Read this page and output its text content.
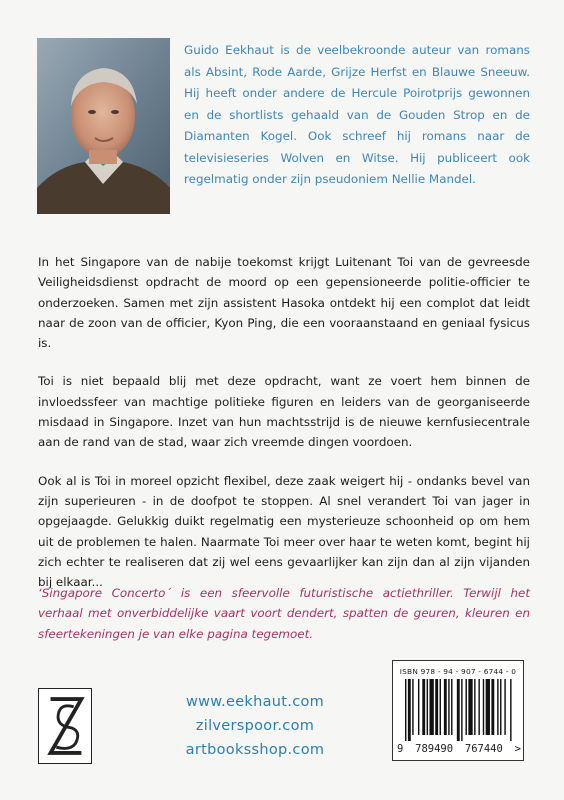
Guido Eekhaut is de veelbekroonde auteur van romans als Absint, Rode Aarde, Grijze Herfst en Blauwe Sneeuw. Hij heeft onder andere de Hercule Poirotprijs gewonnen en de shortlists gehaald van de Gouden Strop en de Diamanten Kogel. Ook schreef hij romans naar de televisieseries Wolven en Witse. Hij publiceert ook regelmatig onder zijn pseudoniem Nellie Mandel.

In het Singapore van de nabije toekomst krijgt Luitenant Toi van de gevreesde Veiligheidsdienst opdracht de moord op een gepensioneerde politie-officier te onderzoeken. Samen met zijn assistent Hasoka ontdekt hij een complot dat leidt naar de zoon van de officier, Kyon Ping, die een vooraanstaand en geniaal fysicus is.

Toi is niet bepaald blij met deze opdracht, want ze voert hem binnen de invloedssfeer van machtige politieke figuren en leiders van de georganiseerde misdaad in Singapore. Inzet van hun machtsstrijd is de nieuwe kernfusiecentrale aan de rand van de stad, waar zich vreemde dingen voordoen.

Ook al is Toi in moreel opzicht flexibel, deze zaak weigert hij - ondanks bevel van zijn superieuren - in de doofpot te stoppen. Al snel verandert Toi van jager in opgejaagde. Gelukkig duikt regelmatig een mysterieuze schoonheid op om hem uit de problemen te halen. Naarmate Toi meer over haar te weten komt, begint hij zich echter te realiseren dat zij wel eens gevaarlijker kan zijn dan al zijn vijanden bij elkaar...

‘Singapore Concerto´ is een sfeervolle futuristische actiethriller. Terwijl het verhaal met onverbiddelijke vaart voort dendert, spatten de geuren, kleuren en sfeertekeningen je van elke pagina tegemoet.

www.eekhaut.com
zilverspoor.com
artbooksshop.com
ISBN 978 - 94 - 907 - 6744 - 0
9 789490 767440 >
